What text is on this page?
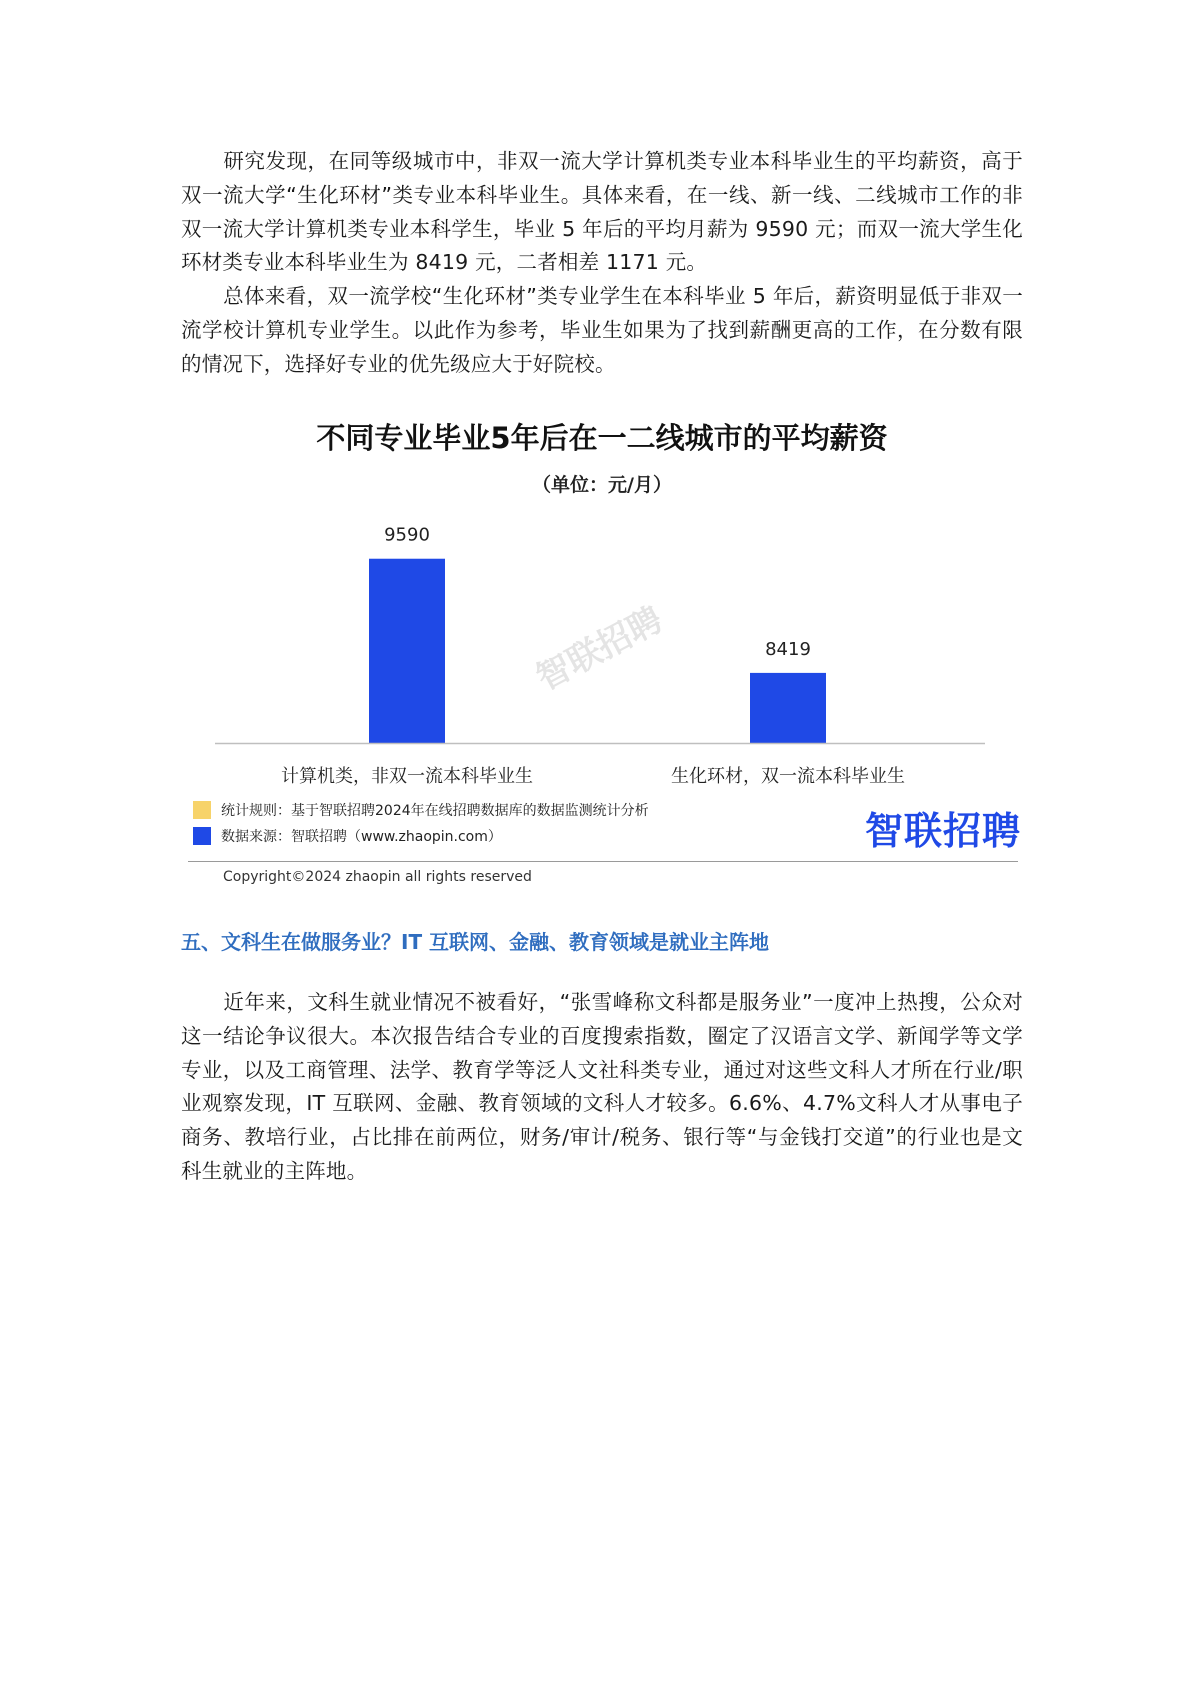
研究发现，在同等级城市中，非双一流大学计算机类专业本科毕业生的平均薪资，高于双一流大学“生化环材”类专业本科毕业生。具体来看，在一线、新一线、二线城市工作的非双一流大学计算机类专业本科学生，毕业 5 年后的平均月薪为 9590 元；而双一流大学生化环材类专业本科毕业生为 8419 元，二者相差 1171 元。

总体来看，双一流学校“生化环材”类专业学生在本科毕业 5 年后，薪资明显低于非双一流学校计算机专业学生。以此作为参考，毕业生如果为了找到薪酬更高的工作，在分数有限的情况下，选择好专业的优先级应大于好院校。

不同专业毕业5年后在一二线城市的平均薪资
（单位：元/月）
智联招聘
9590
计算机类，非双一流本科毕业生
8419
生化环材，双一流本科毕业生
统计规则：基于智联招聘2024年在线招聘数据库的数据监测统计分析
数据来源：智联招聘（www.zhaopin.com）	智联招聘
Copyright©2024 zhaopin all rights reserved
五、文科生在做服务业？IT 互联网、金融、教育领域是就业主阵地

近年来，文科生就业情况不被看好，“张雪峰称文科都是服务业”一度冲上热搜，公众对这一结论争议很大。本次报告结合专业的百度搜索指数，圈定了汉语言文学、新闻学等文学专业，以及工商管理、法学、教育学等泛人文社科类专业，通过对这些文科人才所在行业/职业观察发现，IT 互联网、金融、教育领域的文科人才较多。6.6%、4.7%文科人才从事电子商务、教培行业，占比排在前两位，财务/审计/税务、银行等“与金钱打交道”的行业也是文科生就业的主阵地。
